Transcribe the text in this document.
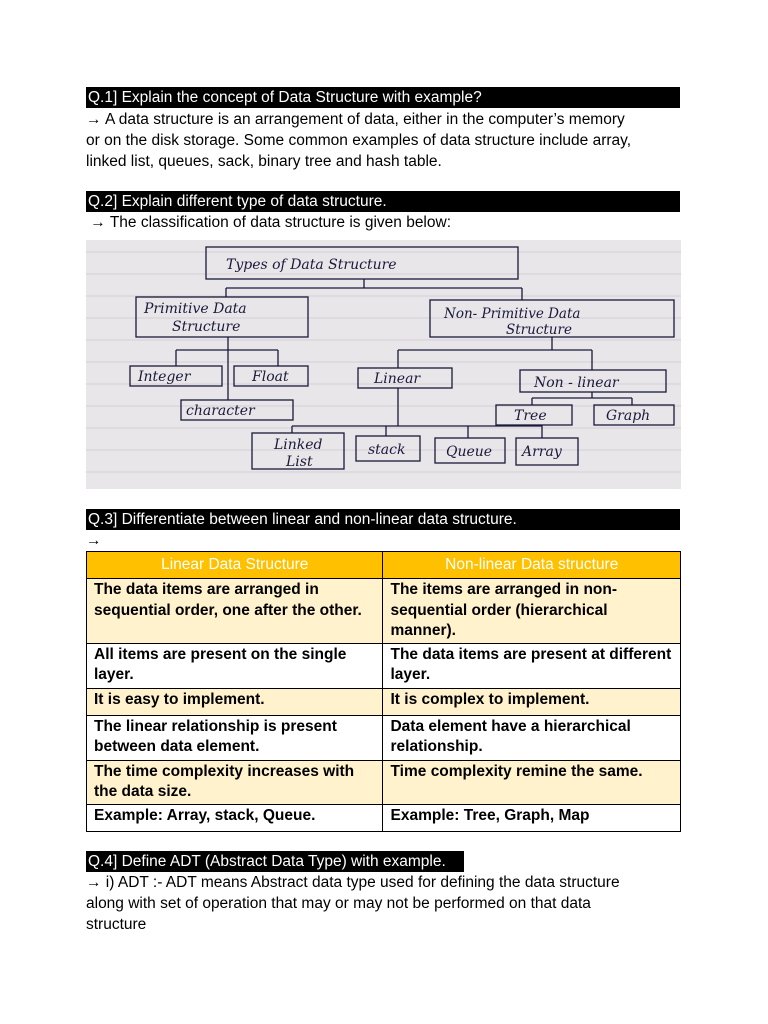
Q.1] Explain the concept of Data Structure with example?
→ A data structure is an arrangement of data, either in the computer’s memory
or on the disk storage. Some common examples of data structure include array,
linked list, queues, sack, binary tree and hash table.
Q.2] Explain different type of data structure.
→ The classification of data structure is given below:
Types of Data Structure
Primitive Data
Structure
Non- Primitive Data
Structure
Integer	Float
character
Linear	Non - linear
Tree	Graph
Linked
List
stack	Queue Array
Q.3] Differentiate between linear and non-linear data structure.
→
Linear Data Structure	Non-linear Data structure
The data items are arranged in sequential order, one after the other.	The items are arranged in non-sequential order (hierarchical manner).
All items are present on the single layer.	The data items are present at different layer.
It is easy to implement.	It is complex to implement.
The linear relationship is present between data element.	Data element have a hierarchical relationship.
The time complexity increases with the data size.	Time complexity remine the same.
Example: Array, stack, Queue.	Example: Tree, Graph, Map
Q.4] Define ADT (Abstract Data Type) with example.
→ i) ADT :- ADT means Abstract data type used for defining the data structure
along with set of operation that may or may not be performed on that data
structure
